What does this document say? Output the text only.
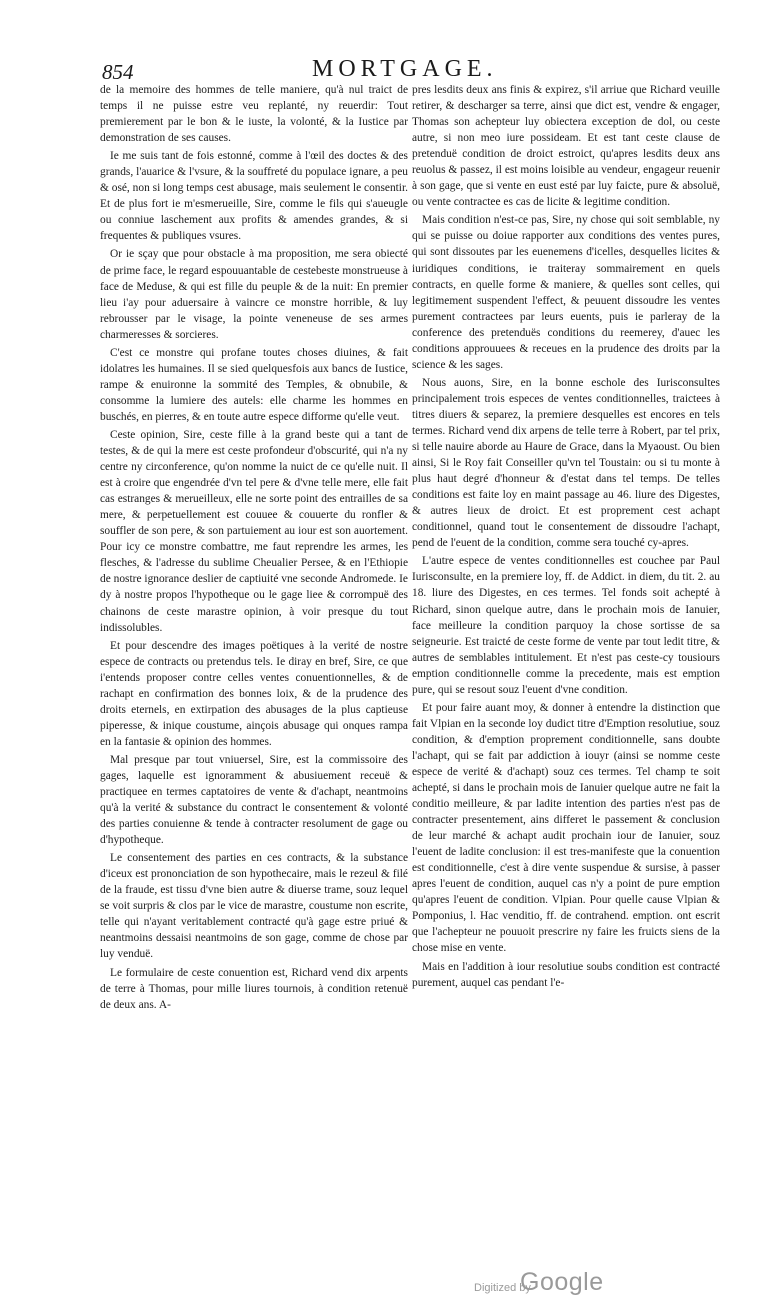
854	MORTGAGE.

de la memoire des hommes de telle maniere, qu'à nul traict de temps il ne puisse estre veu replanté, ny reuerdir: Tout premierement par le bon & le iuste, la volonté, & la Iustice par demonstration de ses causes.

Ie me suis tant de fois estonné, comme à l'œil des doctes & des grands, l'auarice & l'vsure, & la souffreté du populace ignare, a peu & osé, non si long temps cest abusage, mais seulement le consentir. Et de plus fort ie m'esmerueille, Sire, comme le fils qui s'aueugle ou conniue laschement aux profits & amendes grandes, & si frequentes & publiques vsures.

Or ie sçay que pour obstacle à ma proposition, me sera obiecté de prime face, le regard espouuantable de cestebeste monstrueuse à face de Meduse, & qui est fille du peuple & de la nuit: En premier lieu i'ay pour aduersaire à vaincre ce monstre horrible, & luy rebrousser par le visage, la pointe veneneuse de ses armes charmeresses & sorcieres.

C'est ce monstre qui profane toutes choses diuines, & fait idolatres les humaines. Il se sied quelquesfois aux bancs de Iustice, rampe & enuironne la sommité des Temples, & obnubile, & consomme la lumiere des autels: elle charme les hommes en buschés, en pierres, & en toute autre espece difforme qu'elle veut.

Ceste opinion, Sire, ceste fille à la grand beste qui a tant de testes, & de qui la mere est ceste profondeur d'obscurité, qui n'a ny centre ny circonference, qu'on nomme la nuict de ce qu'elle nuit. Il est à croire que engendrée d'vn tel pere & d'vne telle mere, elle fait cas estranges & merueilleux, elle ne sorte point des entrailles de sa mere, & perpetuellement est couuee & couuerte du ronfler & souffler de son pere, & son partuiement au iour est son auortement. Pour icy ce monstre combattre, me faut reprendre les armes, les flesches, & l'adresse du sublime Cheualier Persee, & en l'Ethiopie de nostre ignorance deslier de captiuité vne seconde Andromede. Ie dy à nostre propos l'hypotheque ou le gage liee & corrompuë des chainons de ceste marastre opinion, à voir presque du tout indissolubles.

Et pour descendre des images poëtiques à la verité de nostre espece de contracts ou pretendus tels. Ie diray en bref, Sire, ce que i'entends proposer contre celles ventes conuentionnelles, & de rachapt en confirmation des bonnes loix, & de la prudence des droits eternels, en extirpation des abusages de la plus captieuse piperesse, & inique coustume, ainçois abusage qui onques rampa en la fantasie & opinion des hommes.

Mal presque par tout vniuersel, Sire, est la commissoire des gages, laquelle est ignoramment & abusiuement receuë & practiquee en termes captatoires de vente & d'achapt, neantmoins qu'à la verité & substance du contract le consentement & volonté des parties conuienne & tende à contracter resolument de gage ou d'hypotheque.

Le consentement des parties en ces contracts, & la substance d'iceux est prononciation de son hypothecaire, mais le rezeul & filé de la fraude, est tissu d'vne bien autre & diuerse trame, souz lequel se voit surpris & clos par le vice de marastre, coustume non escrite, telle qui n'ayant veritablement contracté qu'à gage estre priué & neantmoins dessaisi neantmoins de son gage, comme de chose par luy venduë.

Le formulaire de ceste conuention est, Richard vend dix arpents de terre à Thomas, pour mille liures tournois, à condition retenuë de deux ans. A-

pres lesdits deux ans finis & expirez, s'il arriue que Richard veuille retirer, & descharger sa terre, ainsi que dict est, vendre & engager, Thomas son achepteur luy obiectera exception de dol, ou ceste autre, si non meo iure possideam. Et est tant ceste clause de pretenduë condition de droict estroict, qu'apres lesdits deux ans reuolus & passez, il est moins loisible au vendeur, engageur reuenir à son gage, que si vente en eust esté par luy faicte, pure & absoluë, ou vente contractee es cas de licite & legitime condition.

Mais condition n'est-ce pas, Sire, ny chose qui soit semblable, ny qui se puisse ou doiue rapporter aux conditions des ventes pures, qui sont dissoutes par les euenemens d'icelles, desquelles licites & iuridiques conditions, ie traiteray sommairement en quels contracts, en quelle forme & maniere, & quelles sont celles, qui legitimement suspendent l'effect, & peuuent dissoudre les ventes purement contractees par leurs euents, puis ie parleray de la conference des pretenduës conditions du reemerey, d'auec les conditions approuuees & receues en la prudence des droits par la science & les sages.

Nous auons, Sire, en la bonne eschole des Iurisconsultes principalement trois especes de ventes conditionnelles, traictees à titres diuers & separez, la premiere desquelles est encores en tels termes. Richard vend dix arpens de telle terre à Robert, par tel prix, si telle nauire aborde au Haure de Grace, dans la Myaoust. Ou bien ainsi, Si le Roy fait Conseiller qu'vn tel Toustain: ou si tu monte à plus haut degré d'honneur & d'estat dans tel temps. De telles conditions est faite loy en maint passage au 46. liure des Digestes, & autres lieux de droict. Et est proprement cest achapt conditionnel, quand tout le consentement de dissoudre l'achapt, pend de l'euent de la condition, comme sera touché cy-apres.

L'autre espece de ventes conditionnelles est couchee par Paul Iurisconsulte, en la premiere loy, ff. de Addict. in diem, du tit. 2. au 18. liure des Digestes, en ces termes. Tel fonds soit achepté à Richard, sinon quelque autre, dans le prochain mois de Ianuier, face meilleure la condition parquoy la chose sortisse de sa seigneurie. Est traicté de ceste forme de vente par tout ledit titre, & autres de semblables intitulement. Et n'est pas ceste-cy tousiours emption conditionnelle comme la precedente, mais est emption pure, qui se resout souz l'euent d'vne condition.

Et pour faire auant moy, & donner à entendre la distinction que fait Vlpian en la seconde loy dudict titre d'Emption resolutiue, souz condition, & d'emption proprement conditionnelle, sans doubte l'achapt, qui se fait par addiction à iouyr (ainsi se nomme ceste espece de verité & d'achapt) souz ces termes. Tel champ te soit achepté, si dans le prochain mois de Ianuier quelque autre ne fait la conditio meilleure, & par ladite intention des parties n'est pas de contracter presentement, ains differet le passement & conclusion de leur marché & achapt audit prochain iour de Ianuier, souz l'euent de ladite conclusion: il est tres-manifeste que la conuention est conditionnelle, c'est à dire vente suspendue & sursise, à passer apres l'euent de condition, auquel cas n'y a point de pure emption qu'apres l'euent de condition. Vlpian. Pour quelle cause Vlpian & Pomponius, l. Hac venditio, ff. de contrahend. emption. ont escrit que l'achepteur ne pouuoit prescrire ny faire les fruicts siens de la chose mise en vente.

Mais en l'addition à iour resolutiue soubs condition est contracté purement, auquel cas pendant l'e-

Digitized by
Google
